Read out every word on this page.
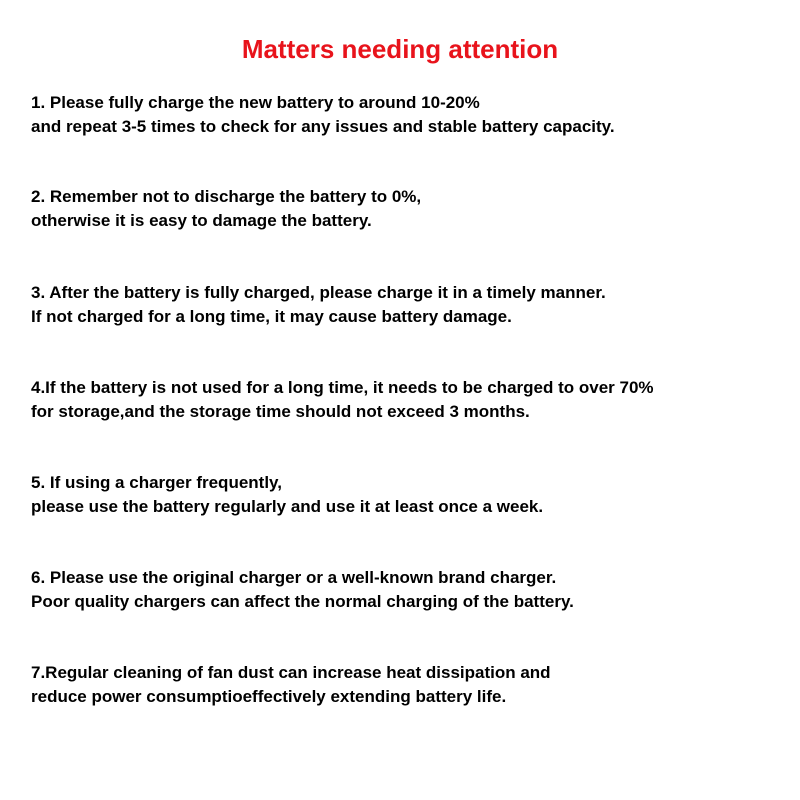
Matters needing attention
1. Please fully charge the new battery to around 10-20%
and repeat 3-5 times to check for any issues and stable battery capacity.
2. Remember not to discharge the battery to 0%,
otherwise it is easy to damage the battery.
3. After the battery is fully charged, please charge it in a timely manner.
If not charged for a long time, it may cause battery damage.
4.If the battery is not used for a long time, it needs to be charged to over 70%
for storage,and the storage time should not exceed 3 months.
5. If using a charger frequently,
please use the battery regularly and use it at least once a week.
6. Please use the original charger or a well-known brand charger.
Poor quality chargers can affect the normal charging of the battery.
7.Regular cleaning of fan dust can increase heat dissipation and
reduce power consumptioeffectively extending battery life.
